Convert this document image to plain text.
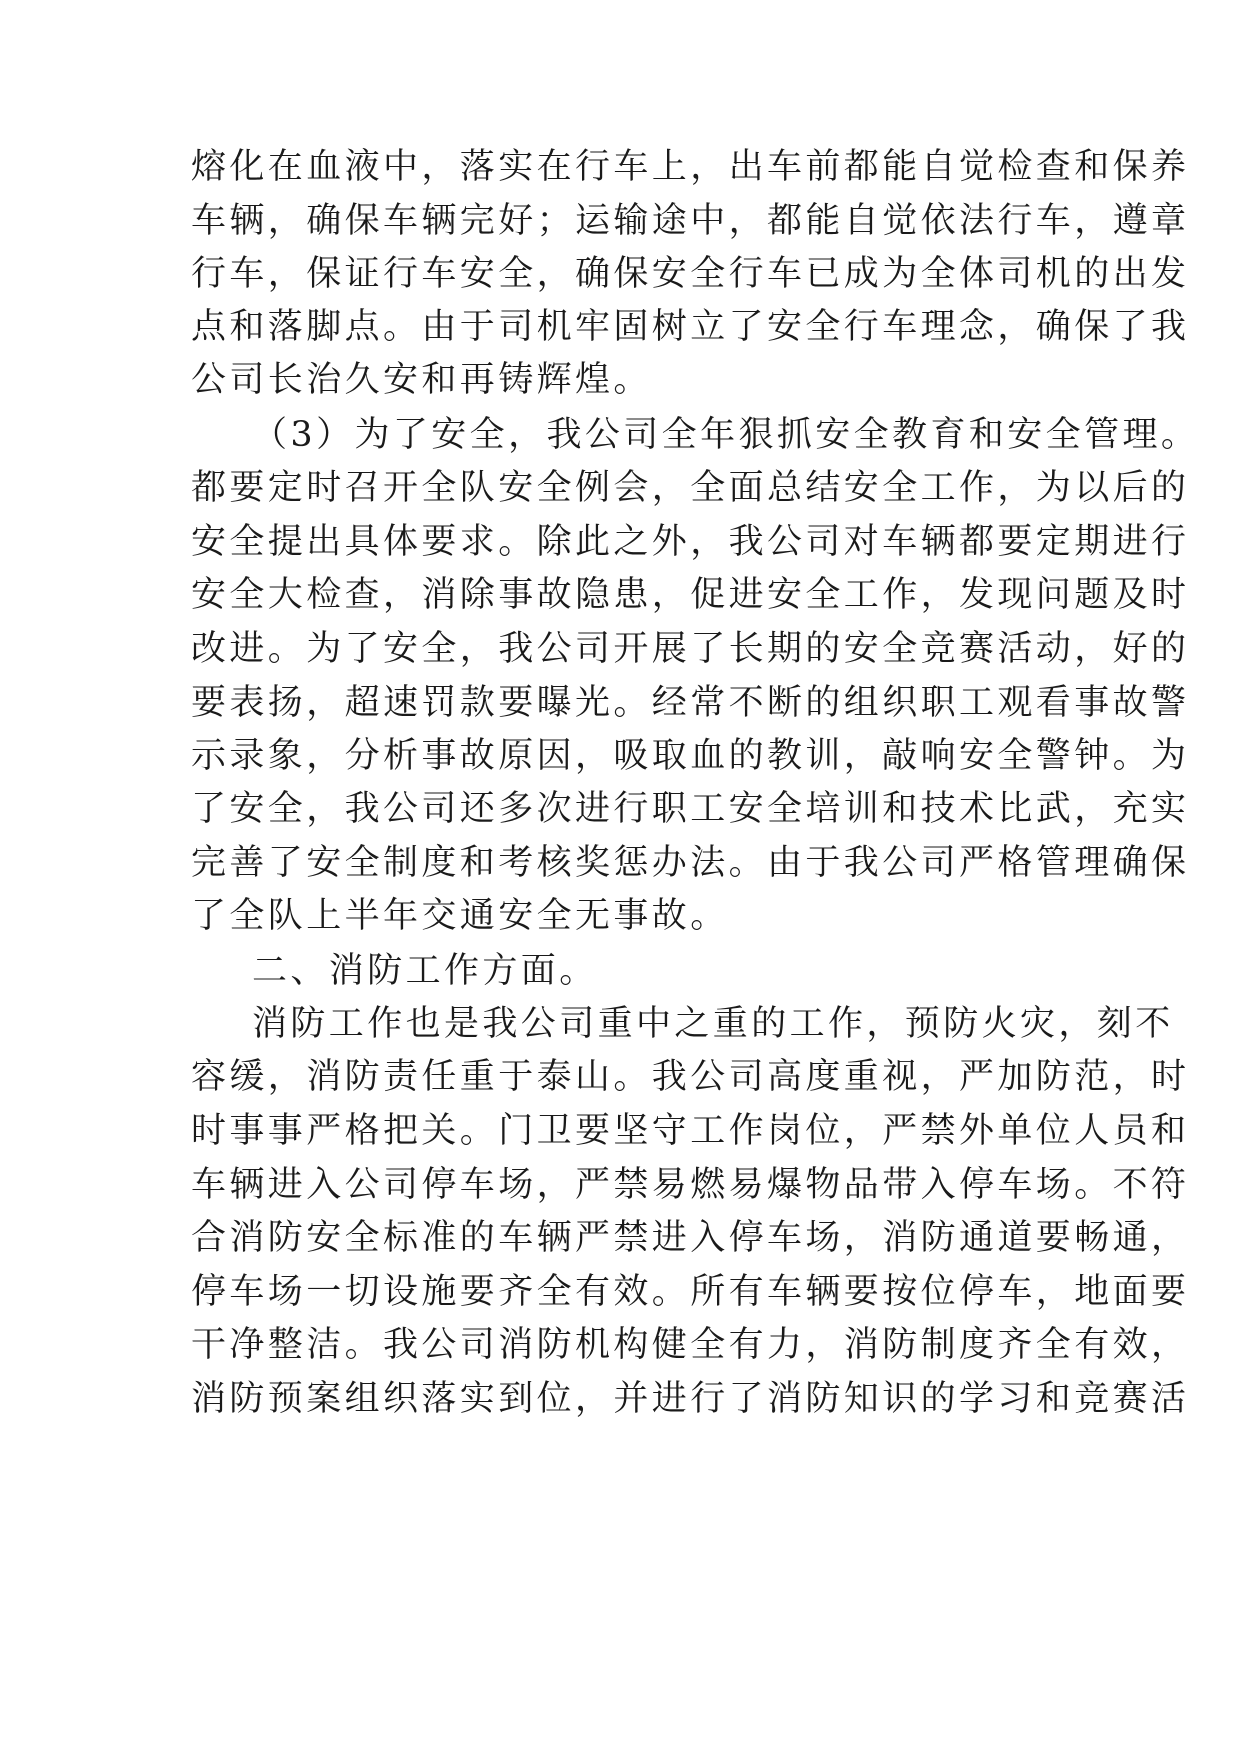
熔化在血液中，落实在行车上，出车前都能自觉检查和保养
车辆，确保车辆完好；运输途中，都能自觉依法行车，遵章
行车，保证行车安全，确保安全行车已成为全体司机的出发
点和落脚点。由于司机牢固树立了安全行车理念，确保了我
公司长治久安和再铸辉煌。
（3）为了安全，我公司全年狠抓安全教育和安全管理。
都要定时召开全队安全例会，全面总结安全工作，为以后的
安全提出具体要求。除此之外，我公司对车辆都要定期进行
安全大检查，消除事故隐患，促进安全工作，发现问题及时
改进。为了安全，我公司开展了长期的安全竞赛活动，好的
要表扬，超速罚款要曝光。经常不断的组织职工观看事故警
示录象，分析事故原因，吸取血的教训，敲响安全警钟。为
了安全，我公司还多次进行职工安全培训和技术比武，充实
完善了安全制度和考核奖惩办法。由于我公司严格管理确保
了全队上半年交通安全无事故。
二、消防工作方面。
消防工作也是我公司重中之重的工作，预防火灾，刻不
容缓，消防责任重于泰山。我公司高度重视，严加防范，时
时事事严格把关。门卫要坚守工作岗位，严禁外单位人员和
车辆进入公司停车场，严禁易燃易爆物品带入停车场。不符
合消防安全标准的车辆严禁进入停车场，消防通道要畅通，
停车场一切设施要齐全有效。所有车辆要按位停车，地面要
干净整洁。我公司消防机构健全有力，消防制度齐全有效，
消防预案组织落实到位，并进行了消防知识的学习和竞赛活
